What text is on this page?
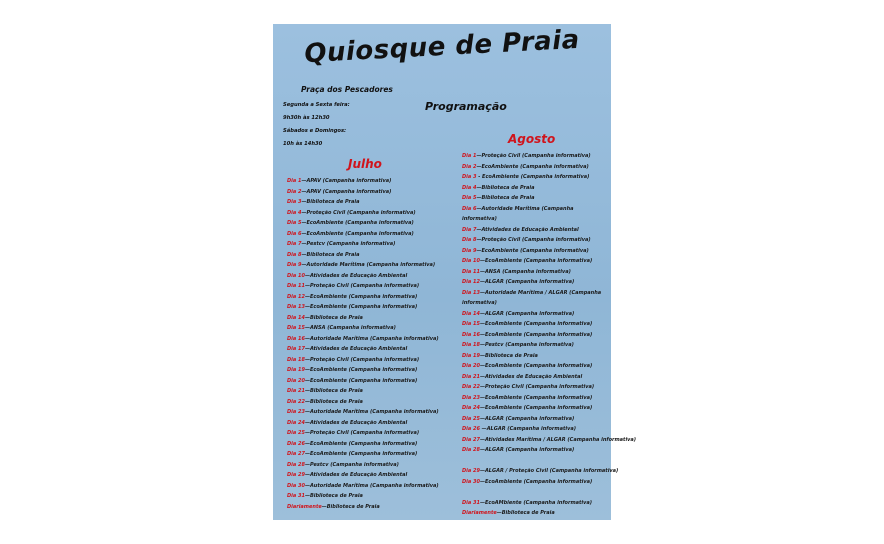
Quiosque de Praia
Praça dos Pescadores
Segunda a Sexta feira:
9h30h às 12h30
Sábados e Domingos:
10h às 14h30
Programação
Julho
Dia 1—APAV (Campanha informativa)
Dia 2—APAV (Campanha informativa)
Dia 3—Biblioteca de Praia
Dia 4—Proteção Civil (Campanha informativa)
Dia 5—EcoAmbiente (Campanha informativa)
Dia 6—EcoAmbiente (Campanha informativa)
Dia 7—Pestcv (Campanha informativa)
Dia 8—Biblioteca de Praia
Dia 9—Autoridade Marítima (Campanha informativa)
Dia 10—Atividades de Educação Ambiental
Dia 11—Proteção Civil (Campanha informativa)
Dia 12—EcoAmbiente (Campanha informativa)
Dia 13—EcoAmbiente (Campanha informativa)
Dia 14—Biblioteca de Praia
Dia 15—ANSA (Campanha informativa)
Dia 16—Autoridade Marítima (Campanha informativa)
Dia 17—Atividades de Educação Ambiental
Dia 18—Proteção Civil (Campanha informativa)
Dia 19—EcoAmbiente (Campanha informativa)
Dia 20—EcoAmbiente (Campanha informativa)
Dia 21—Biblioteca de Praia
Dia 22—Biblioteca de Praia
Dia 23—Autoridade Marítima (Campanha informativa)
Dia 24—Atividades de Educação Ambiental
Dia 25—Proteção Civil (Campanha informativa)
Dia 26—EcoAmbiente (Campanha informativa)
Dia 27—EcoAmbiente (Campanha informativa)
Dia 28—Pestcv (Campanha informativa)
Dia 29—Atividades de Educação Ambiental
Dia 30—Autoridade Marítima (Campanha informativa)
Dia 31—Biblioteca de Praia
Diariamente—Biblioteca de Praia
Agosto
Dia 1—Proteção Civil (Campanha informativa)
Dia 2—EcoAmbiente (Campanha informativa)
Dia 3 - EcoAmbiente (Campanha informativa)
Dia 4—Biblioteca de Praia
Dia 5—Biblioteca de Praia
Dia 6—Autoridade Marítima (Campanha informativa)
Dia 7—Atividades de Educação Ambiental
Dia 8—Proteção Civil (Campanha informativa)
Dia 9—EcoAmbiente (Campanha informativa)
Dia 10—EcoAmbiente (Campanha informativa)
Dia 11—ANSA (Campanha informativa)
Dia 12—ALGAR (Campanha informativa)
Dia 13—Autoridade Marítima / ALGAR (Campanha informativa)
Dia 14—ALGAR (Campanha informativa)
Dia 15—EcoAmbiente (Campanha informativa)
Dia 16—EcoAmbiente (Campanha informativa)
Dia 18—Pestcv (Campanha informativa)
Dia 19—Biblioteca de Praia
Dia 20—EcoAmbiente (Campanha informativa)
Dia 21—Atividades de Educação Ambiental
Dia 22—Proteção Civil (Campanha informativa)
Dia 23—EcoAmbiente (Campanha informativa)
Dia 24—EcoAmbiente (Campanha informativa)
Dia 25—ALGAR (Campanha informativa)
Dia 26 —ALGAR (Campanha informativa)
Dia 27—Atividades Marítima / ALGAR (Campanha informativa)
Dia 28—ALGAR (Campanha informativa)
Dia 29—ALGAR / Proteção Civil (Campanha informativa)
Dia 30—EcoAmbiente (Campanha informativa)
Dia 31—EcoAMbiente (Campanha informativa)
Diariamente—Biblioteca de Praia
